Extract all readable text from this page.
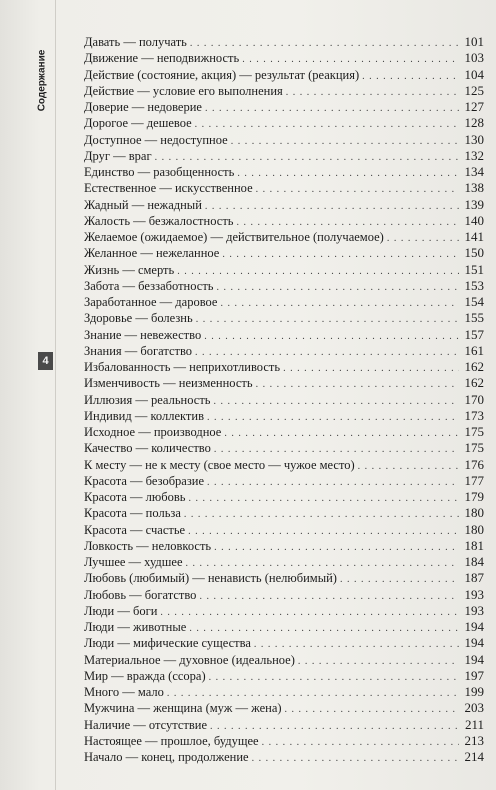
Содержание
4
Давать — получать . . .	101
Движение — неподвижность . . .	103
Действие (состояние, акция) — результат (реакция) . . .	104
Действие — условие его выполнения . . .	125
Доверие — недоверие . . .	127
Дорогое — дешевое . . .	128
Доступное — недоступное . . .	130
Друг — враг . . .	132
Единство — разобщенность . . .	134
Естественное — искусственное . . .	138
Жадный — нежадный . . .	139
Жалость — безжалостность . . .	140
Желаемое (ожидаемое) — действительное (получаемое) . . .	141
Желанное — нежеланное . . .	150
Жизнь — смерть . . .	151
Забота — беззаботность . . .	153
Заработанное — даровое . . .	154
Здоровье — болезнь . . .	155
Знание — невежество . . .	157
Знания — богатство . . .	161
Избалованность — неприхотливость . . .	162
Изменчивость — неизменность . . .	162
Иллюзия — реальность . . .	170
Индивид — коллектив . . .	173
Исходное — производное . . .	175
Качество — количество . . .	175
К месту — не к месту (свое место — чужое место) . . .	176
Красота — безобразие . . .	177
Красота — любовь . . .	179
Красота — польза . . .	180
Красота — счастье . . .	180
Ловкость — неловкость . . .	181
Лучшее — худшее . . .	184
Любовь (любимый) — ненависть (нелюбимый) . . .	187
Любовь — богатство . . .	193
Люди — боги . . .	193
Люди — животные . . .	194
Люди — мифические существа . . .	194
Материальное — духовное (идеальное) . . .	194
Мир — вражда (ссора) . . .	197
Много — мало . . .	199
Мужчина — женщина (муж — жена) . . .	203
Наличие — отсутствие . . .	211
Настоящее — прошлое, будущее . . .	213
Начало — конец, продолжение . . .	214
